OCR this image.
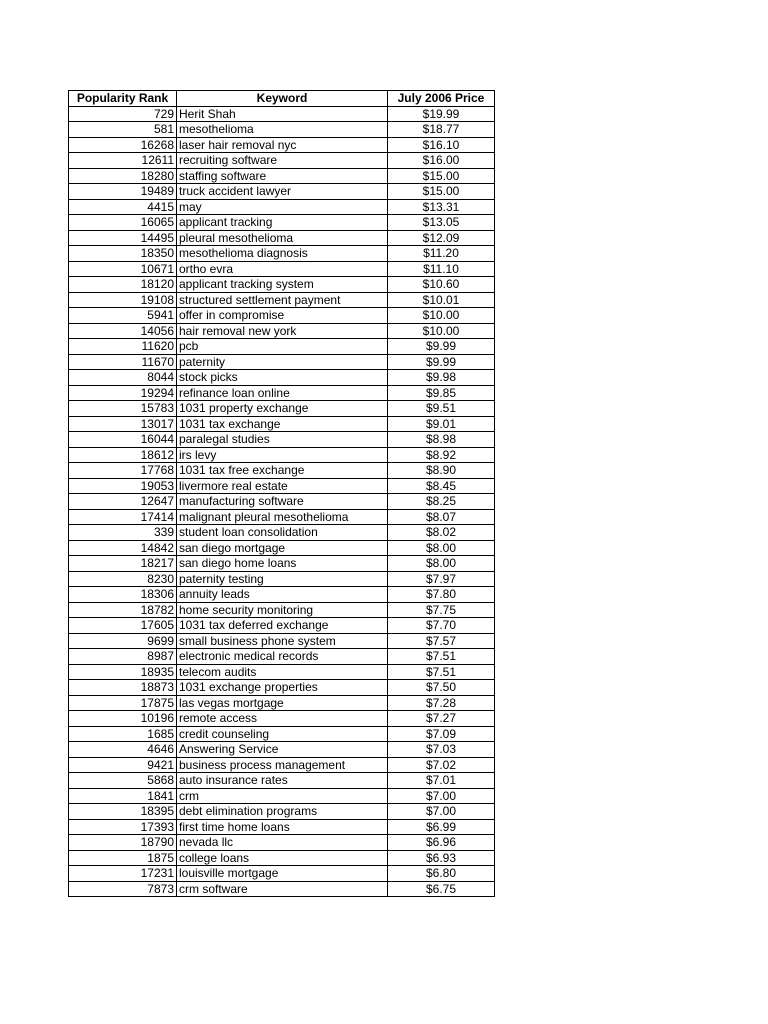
Popularity Rank	Keyword	July 2006 Price
729	Herit Shah	$19.99
581	mesothelioma	$18.77
16268	laser hair removal nyc	$16.10
12611	recruiting software	$16.00
18280	staffing software	$15.00
19489	truck accident lawyer	$15.00
4415	may	$13.31
16065	applicant tracking	$13.05
14495	pleural mesothelioma	$12.09
18350	mesothelioma diagnosis	$11.20
10671	ortho evra	$11.10
18120	applicant tracking system	$10.60
19108	structured settlement payment	$10.01
5941	offer in compromise	$10.00
14056	hair removal new york	$10.00
11620	pcb	$9.99
11670	paternity	$9.99
8044	stock picks	$9.98
19294	refinance loan online	$9.85
15783	1031 property exchange	$9.51
13017	1031 tax exchange	$9.01
16044	paralegal studies	$8.98
18612	irs levy	$8.92
17768	1031 tax free exchange	$8.90
19053	livermore real estate	$8.45
12647	manufacturing software	$8.25
17414	malignant pleural mesothelioma	$8.07
339	student loan consolidation	$8.02
14842	san diego mortgage	$8.00
18217	san diego home loans	$8.00
8230	paternity testing	$7.97
18306	annuity leads	$7.80
18782	home security monitoring	$7.75
17605	1031 tax deferred exchange	$7.70
9699	small business phone system	$7.57
8987	electronic medical records	$7.51
18935	telecom audits	$7.51
18873	1031 exchange properties	$7.50
17875	las vegas mortgage	$7.28
10196	remote access	$7.27
1685	credit counseling	$7.09
4646	Answering Service	$7.03
9421	business process management	$7.02
5868	auto insurance rates	$7.01
1841	crm	$7.00
18395	debt elimination programs	$7.00
17393	first time home loans	$6.99
18790	nevada llc	$6.96
1875	college loans	$6.93
17231	louisville mortgage	$6.80
7873	crm software	$6.75
